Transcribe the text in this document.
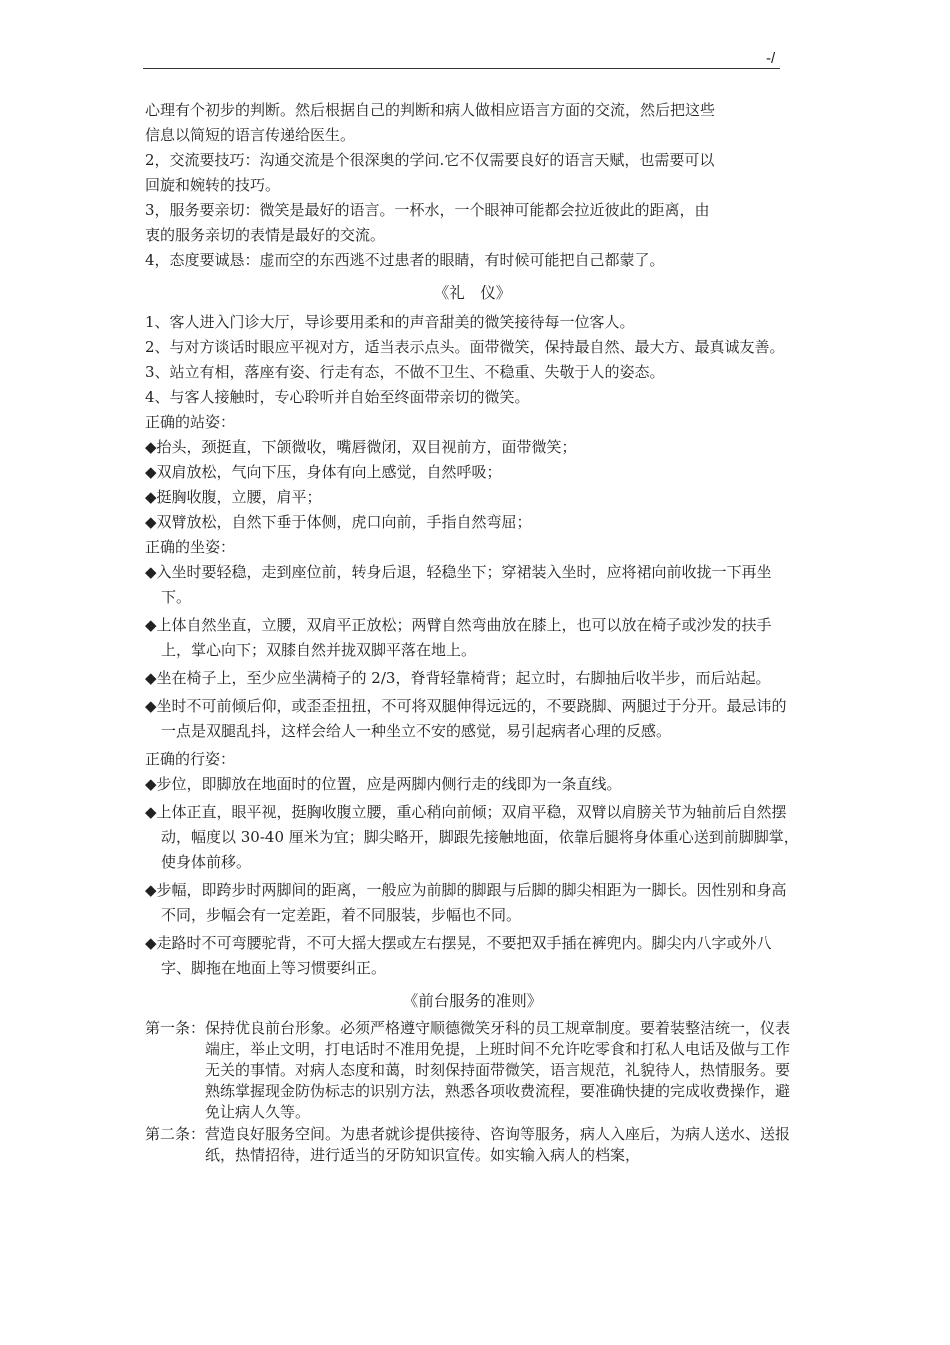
-/

心理有个初步的判断。然后根据自己的判断和病人做相应语言方面的交流，然后把这些

信息以简短的语言传递给医生。

2，交流要技巧：沟通交流是个很深奥的学问.它不仅需要良好的语言天赋，也需要可以

回旋和婉转的技巧。

3，服务要亲切：微笑是最好的语言。一杯水，一个眼神可能都会拉近彼此的距离，由

衷的服务亲切的表情是最好的交流。

4，态度要诚恳：虚而空的东西逃不过患者的眼睛，有时候可能把自己都蒙了。

《礼　仪》

1、客人进入门诊大厅，导诊要用柔和的声音甜美的微笑接待每一位客人。

2、与对方谈话时眼应平视对方，适当表示点头。面带微笑，保持最自然、最大方、最真诚友善。

3、站立有相，落座有姿、行走有态，不做不卫生、不稳重、失敬于人的姿态。

4、与客人接触时，专心聆听并自始至终面带亲切的微笑。

正确的站姿：

◆抬头，颈挺直，下颌微收，嘴唇微闭，双目视前方，面带微笑；

◆双肩放松，气向下压，身体有向上感觉，自然呼吸；

◆挺胸收腹，立腰，肩平；

◆双臂放松，自然下垂于体侧，虎口向前，手指自然弯屈；

正确的坐姿：

◆入坐时要轻稳，走到座位前，转身后退，轻稳坐下；穿裙装入坐时，应将裙向前收拢一下再坐下。

◆上体自然坐直，立腰，双肩平正放松；两臂自然弯曲放在膝上，也可以放在椅子或沙发的扶手上，掌心向下；双膝自然并拢双脚平落在地上。

◆坐在椅子上，至少应坐满椅子的 2/3，脊背轻靠椅背；起立时，右脚抽后收半步，而后站起。

◆坐时不可前倾后仰，或歪歪扭扭，不可将双腿伸得远远的，不要跷脚、两腿过于分开。最忌讳的一点是双腿乱抖，这样会给人一种坐立不安的感觉，易引起病者心理的反感。

正确的行姿：

◆步位，即脚放在地面时的位置，应是两脚内侧行走的线即为一条直线。

◆上体正直，眼平视，挺胸收腹立腰，重心稍向前倾；双肩平稳，双臂以肩膀关节为轴前后自然摆动，幅度以 30-40 厘米为宜；脚尖略开，脚跟先接触地面，依靠后腿将身体重心送到前脚脚掌，使身体前移。

◆步幅，即跨步时两脚间的距离，一般应为前脚的脚跟与后脚的脚尖相距为一脚长。因性别和身高不同，步幅会有一定差距，着不同服装，步幅也不同。

◆走路时不可弯腰驼背，不可大摇大摆或左右摆晃，不要把双手插在裤兜内。脚尖内八字或外八字、脚拖在地面上等习惯要纠正。

《前台服务的准则》
第一条： 保持优良前台形象。必须严格遵守顺德微笑牙科的员工规章制度。要着装整洁统一，仪表端庄，举止文明，打电话时不准用免提，上班时间不允许吃零食和打私人电话及做与工作无关的事情。对病人态度和蔼，时刻保持面带微笑，语言规范，礼貌待人，热情服务。要熟练掌握现金防伪标志的识别方法，熟悉各项收费流程，要准确快捷的完成收费操作，避免让病人久等。
第二条： 营造良好服务空间。为患者就诊提供接待、咨询等服务，病人入座后，为病人送水、送报纸，热情招待，进行适当的牙防知识宣传。如实输入病人的档案，
